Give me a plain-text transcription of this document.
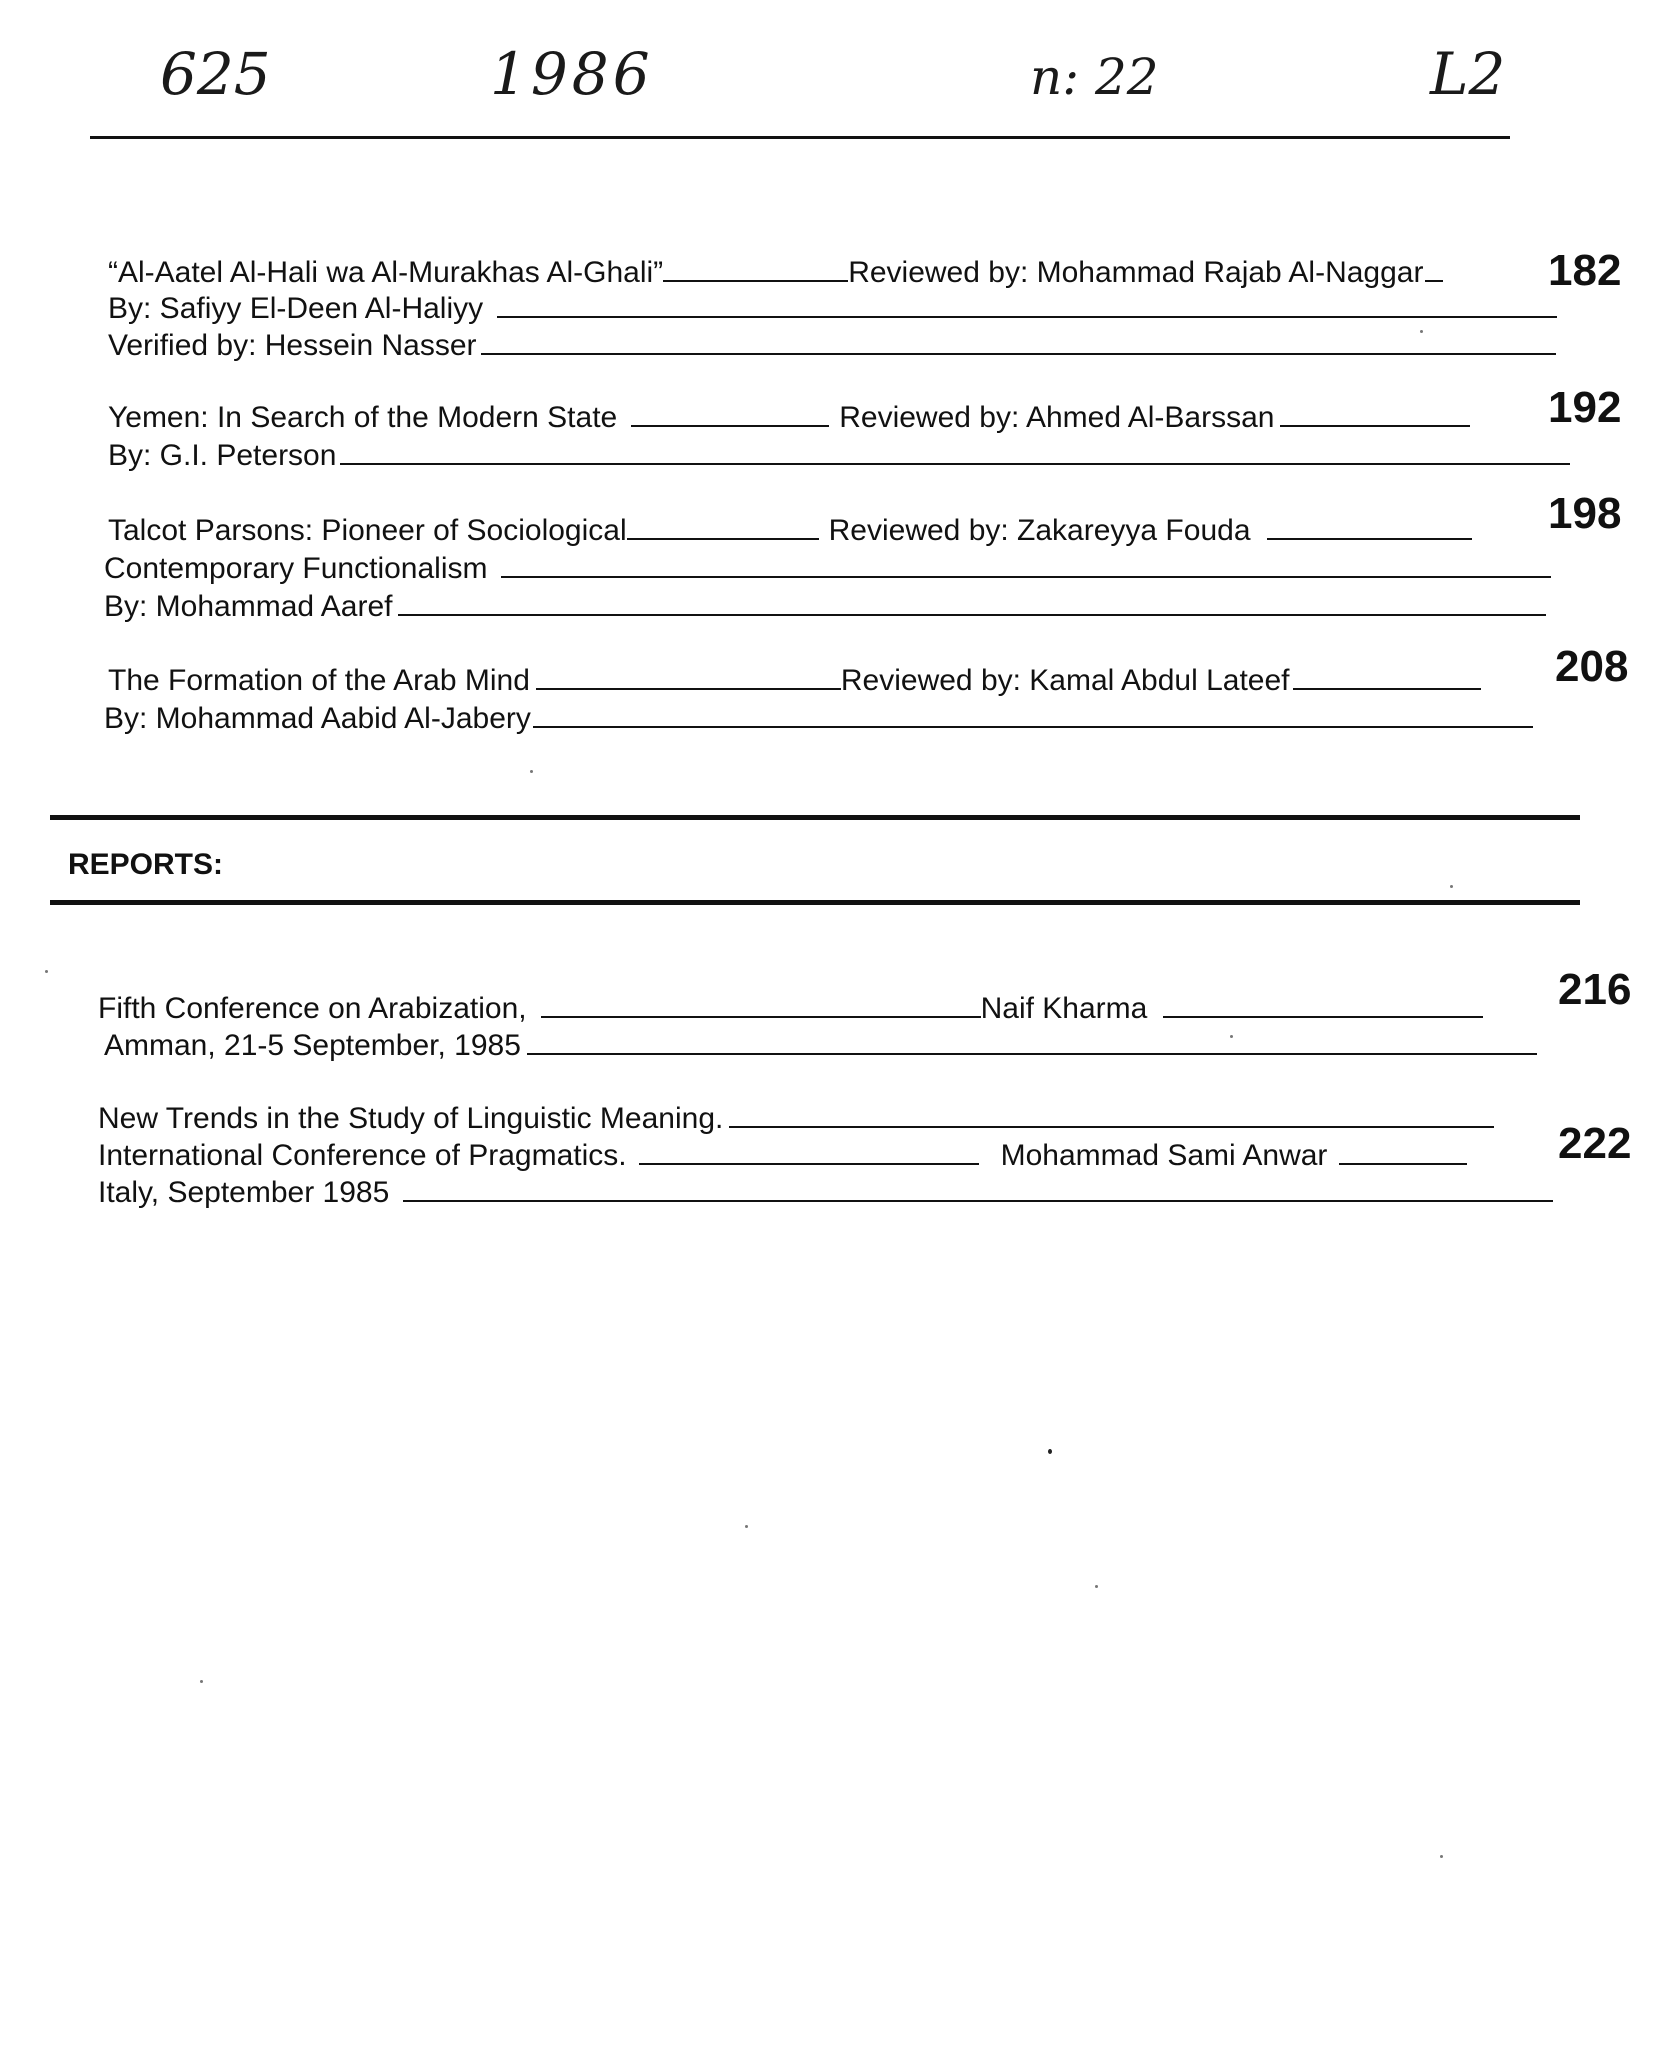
625	1986	n: 22	L2
“Al-Aatel Al-Hali wa Al-Murakhas Al-Ghali”	Reviewed by: Mohammad Rajab Al-Naggar	182
By: Safiyy El-Deen Al-Haliyy
Verified by: Hessein Nasser
Yemen: In Search of the Modern State	Reviewed by: Ahmed Al-Barssan	192
By: G.I. Peterson
Talcot Parsons: Pioneer of Sociological	Reviewed by: Zakareyya Fouda	198
Contemporary Functionalism
By: Mohammad Aaref
The Formation of the Arab Mind	Reviewed by: Kamal Abdul Lateef	208
By: Mohammad Aabid Al-Jabery
REPORTS:
Fifth Conference on Arabization,	Naif Kharma	216
Amman, 21-5 September, 1985
New Trends in the Study of Linguistic Meaning.
International Conference of Pragmatics.	Mohammad Sami Anwar	222
Italy, September 1985
